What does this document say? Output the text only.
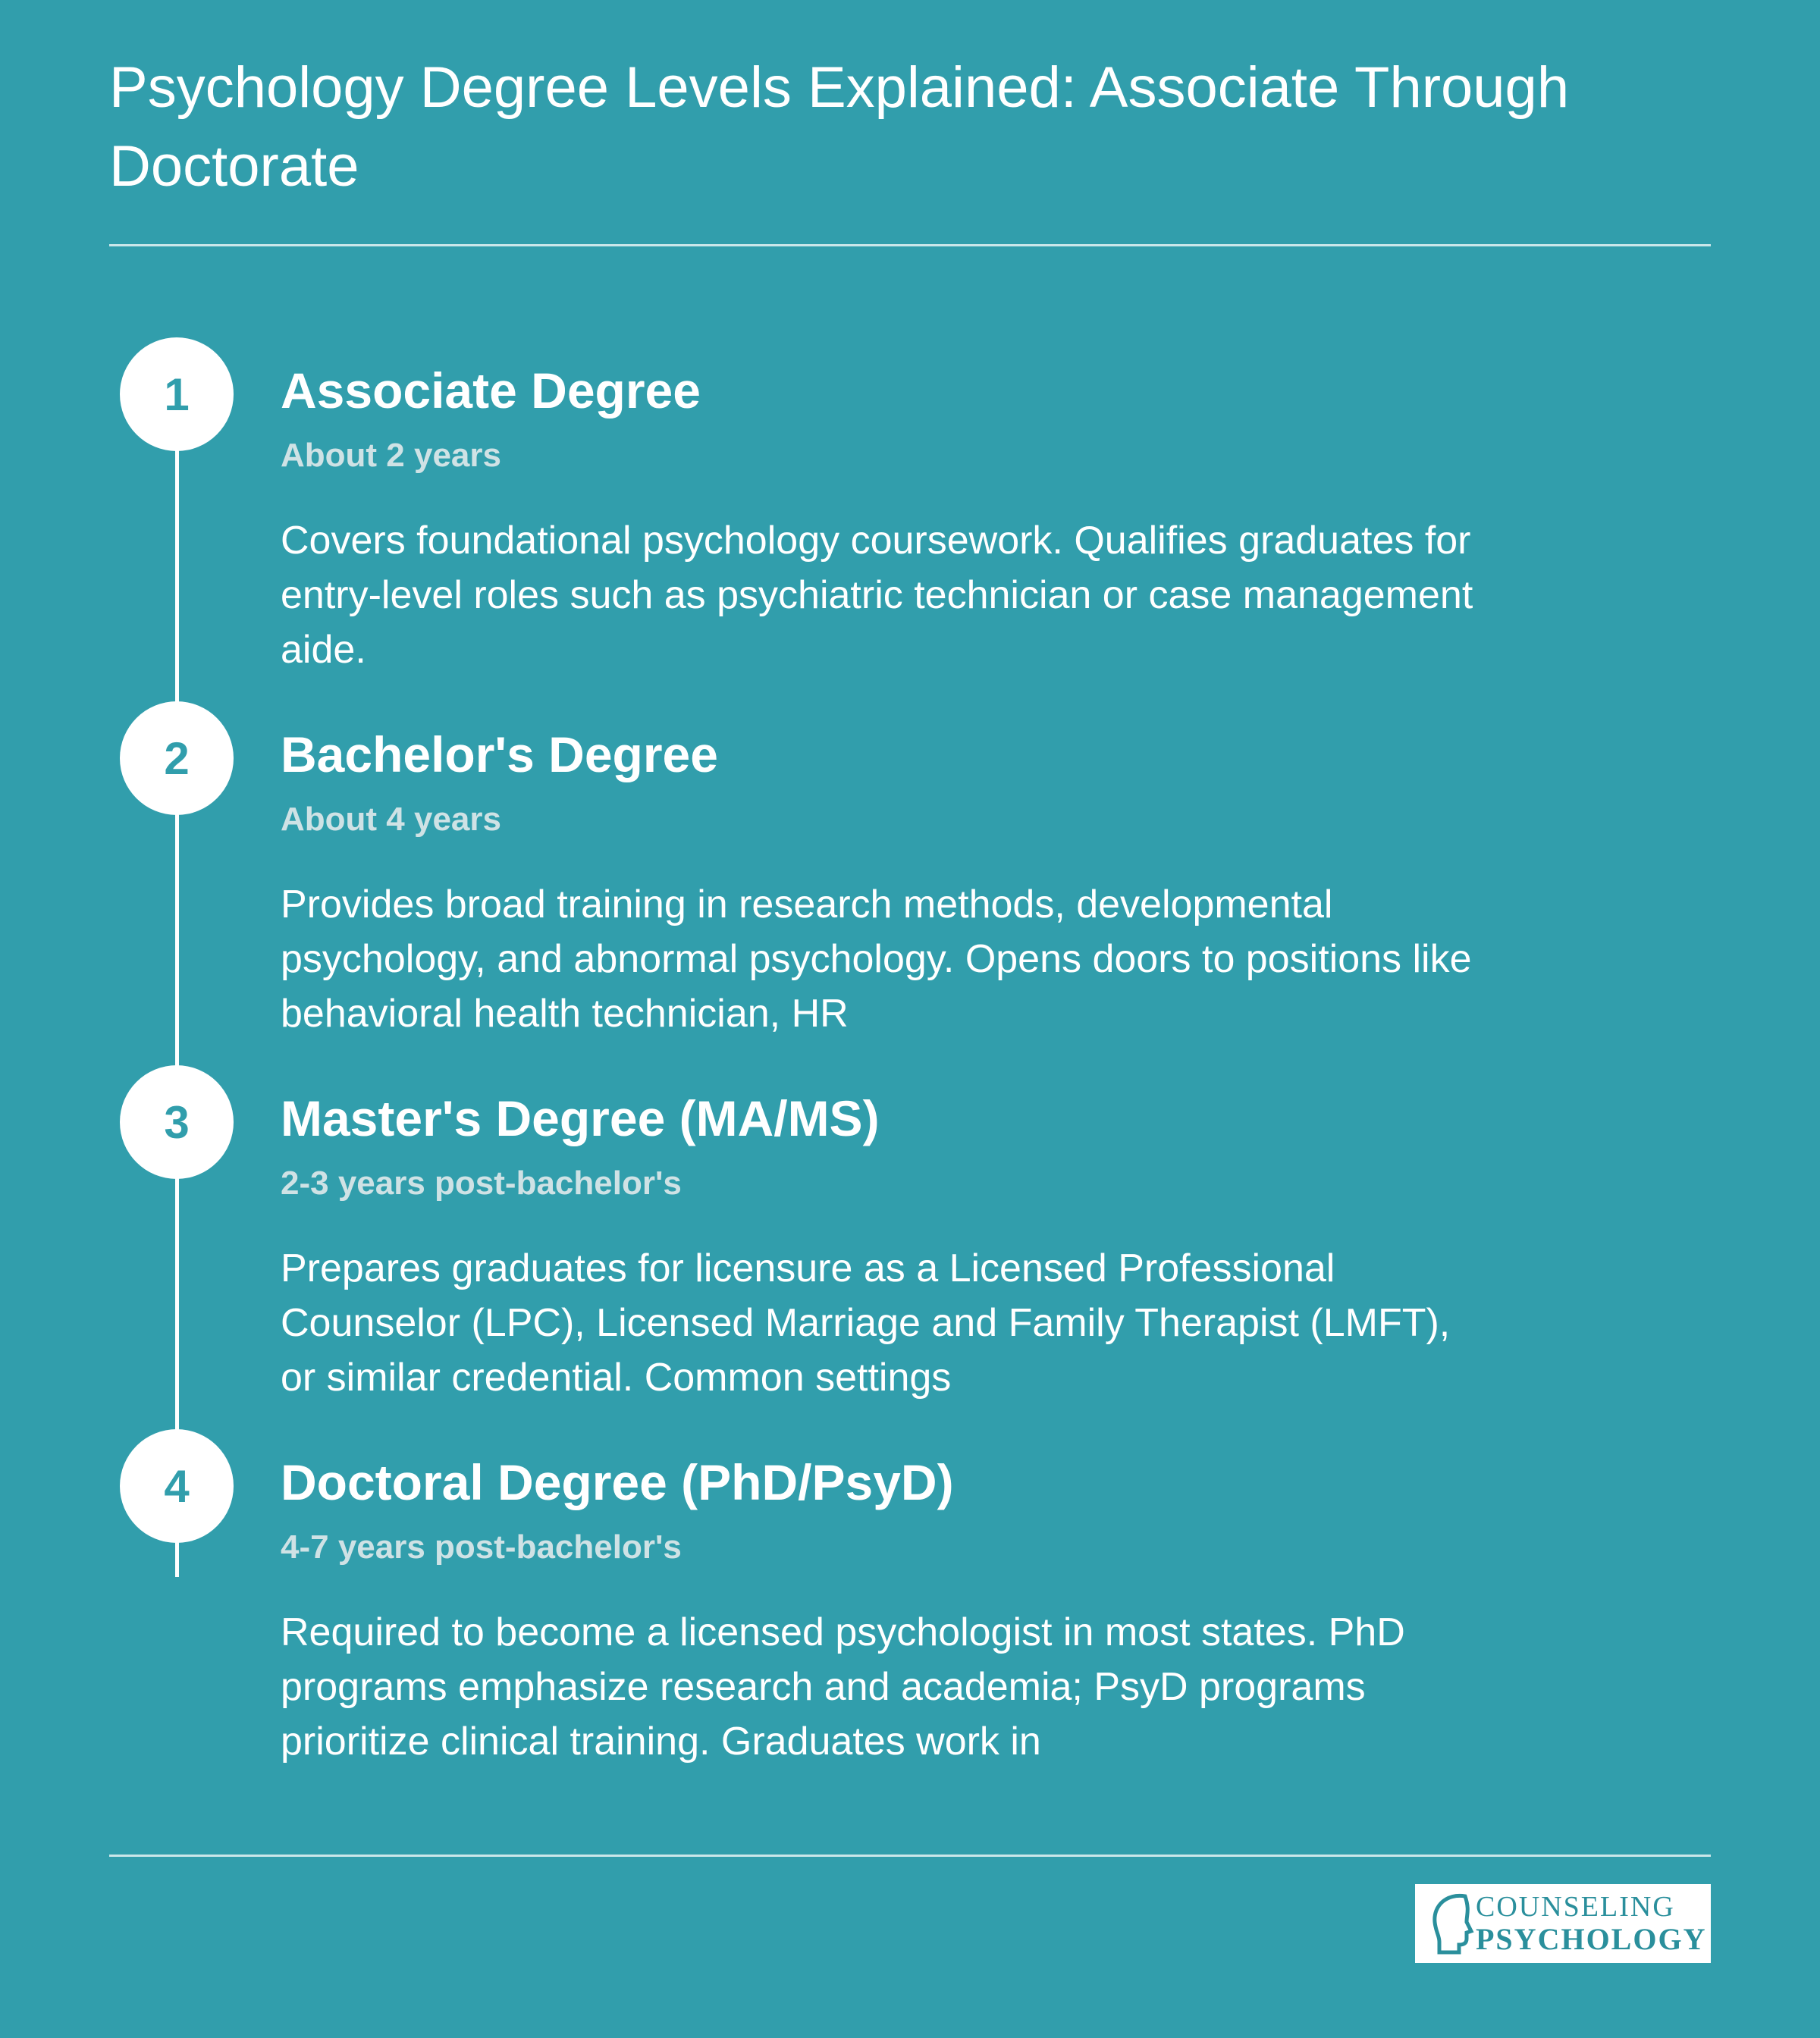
Psychology Degree Levels Explained: Associate Through Doctorate
1	Associate Degree
About 2 years

Covers foundational psychology coursework. Qualifies graduates for entry-level roles such as psychiatric technician or case management aide.

2	Bachelor's Degree
About 4 years

Provides broad training in research methods, developmental psychology, and abnormal psychology. Opens doors to positions like behavioral health technician, HR

3	Master's Degree (MA/MS)
2-3 years post-bachelor's

Prepares graduates for licensure as a Licensed Professional Counselor (LPC), Licensed Marriage and Family Therapist (LMFT), or similar credential. Common settings

4	Doctoral Degree (PhD/PsyD)
4-7 years post-bachelor's

Required to become a licensed psychologist in most states. PhD programs emphasize research and academia; PsyD programs prioritize clinical training. Graduates work in

COUNSELING
PSYCHOLOGY
